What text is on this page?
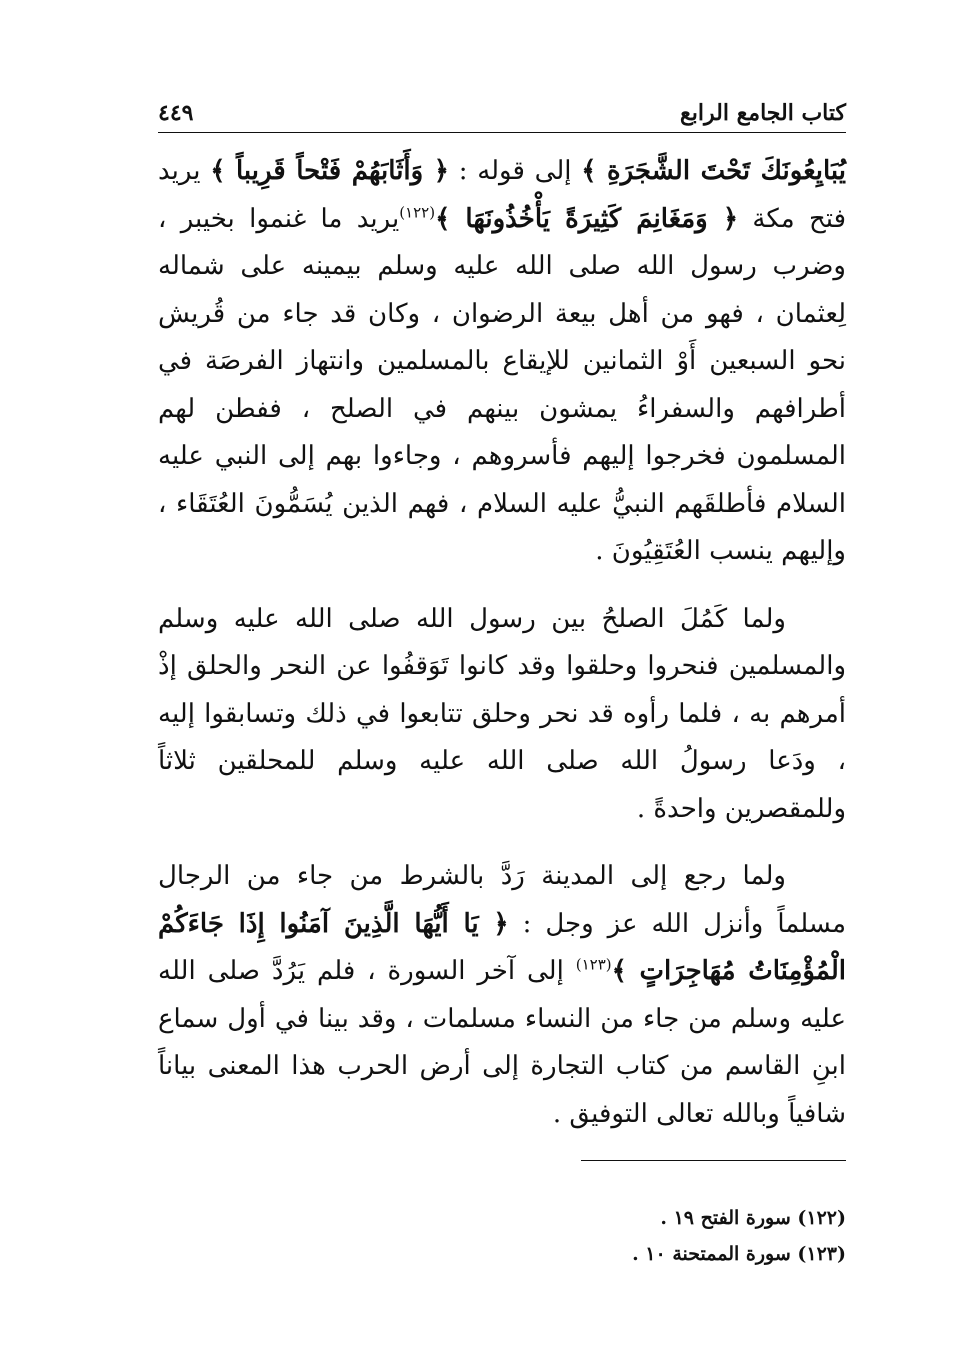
كتاب الجامع الرابع
٤٤٩

يُبَايِعُونَكَ تَحْتَ الشَّجَرَةِ ﴾ إلى قوله : ﴿ وَأَثَابَهُمْ فَتْحاً قَرِيباً ﴾ يريد فتح مكة ﴿ وَمَغَانِمَ كَثِيرَةً يَأْخُذُونَهَا ﴾$^{(١٢٢)}$يريد ما غنموا بخيبر ، وضرب رسول الله صلى الله عليه وسلم بيمينه على شماله لِعثمان ، فهو من أهل بيعة الرضوان ، وكان قد جاء من قُريش نحو السبعين أَوْ الثمانين للإيقاع بالمسلمين وانتهاز الفرصَة في أطرافهم والسفراءُ يمشون بينهم في الصلح ، ففطن لهم المسلمون فخرجوا إليهم فأسروهم ، وجاءوا بهم إلى النبي عليه السلام فأطلقَهم النبيُّ عليه السلام ، فهم الذين يُسَمُّونَ العُتَقَاء ، وإليهم ينسب العُتَقِيُونَ .

ولما كَمُلَ الصلحُ بين رسول الله صلى الله عليه وسلم والمسلمين فنحروا وحلقوا وقد كانوا تَوَقفُوا عن النحر والحلق إذْ أمرهم به ، فلما رأوه قد نحر وحلق تتابعوا في ذلك وتسابقوا إليه ، ودَعا رسولُ الله صلى الله عليه وسلم للمحلقين ثلاثاً وللمقصرين واحدةً .

ولما رجع إلى المدينة رَدَّ بالشرط من جاء من الرجال مسلماً وأنزل الله عز وجل : ﴿ يَا أَيُّهَا الَّذِينَ آمَنُوا إِذَا جَاءَكُمْ الْمُؤْمِنَاتُ مُهَاجِرَاتٍ ﴾$^{(١٢٣)}$ إلى آخر السورة ، فلم يَرُدَّ صلى الله عليه وسلم من جاء من النساء مسلمات ، وقد بينا في أول سماع ابنِ القاسم من كتاب التجارة إلى أرض الحرب هذا المعنى بياناً شافياً وبالله تعالى التوفيق .

(١٢٢) سورة الفتح ١٩ .

(١٢٣) سورة الممتحنة ١٠ .
